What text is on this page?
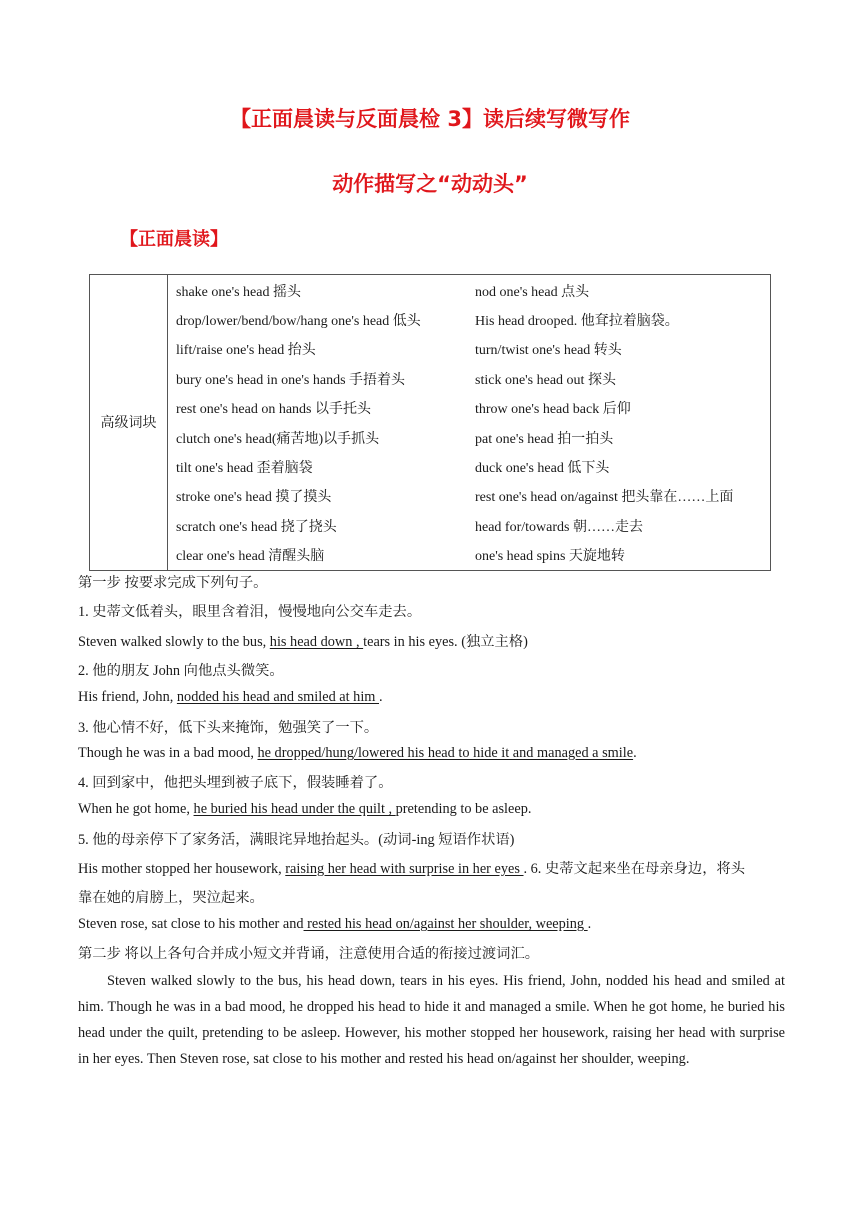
【正面晨读与反面晨检 3】读后续写微写作
动作描写之“动动头”
【正面晨读】
高级词块	
shake one's head 摇头	nod one's head 点头
drop/lower/bend/bow/hang one's head 低头	His head drooped. 他耷拉着脑袋。
lift/raise one's head 抬头	turn/twist one's head 转头
bury one's head in one's hands 手捂着头	stick one's head out 探头
rest one's head on hands 以手托头	throw one's head back 后仰
clutch one's head(痛苦地)以手抓头	pat one's head 拍一拍头
tilt one's head 歪着脑袋	duck one's head 低下头
stroke one's head 摸了摸头	rest one's head on/against 把头靠在……上面
scratch one's head 挠了挠头	head for/towards 朝……走去
clear one's head 清醒头脑	one's head spins 天旋地转
第一步 按要求完成下列句子。
1. 史蒂文低着头，眼里含着泪，慢慢地向公交车走去。
Steven walked slowly to the bus, his head down , tears in his eyes. (独立主格)
2. 他的朋友 John 向他点头微笑。
His friend, John, nodded his head and smiled at him .
3. 他心情不好，低下头来掩饰，勉强笑了一下。
Though he was in a bad mood, he dropped/hung/lowered his head to hide it and managed a smile.
4. 回到家中，他把头埋到被子底下，假装睡着了。
When he got home, he buried his head under the quilt , pretending to be asleep.
5. 他的母亲停下了家务活，满眼诧异地抬起头。(动词-ing 短语作状语)
His mother stopped her housework, raising her head with surprise in her eyes . 6. 史蒂文起来坐在母亲身边，将头
靠在她的肩膀上，哭泣起来。
Steven rose, sat close to his mother and rested his head on/against her shoulder, weeping .
第二步 将以上各句合并成小短文并背诵，注意使用合适的衔接过渡词汇。

Steven walked slowly to the bus, his head down, tears in his eyes. His friend, John, nodded his head and smiled at him. Though he was in a bad mood, he dropped his head to hide it and managed a smile. When he got home, he buried his head under the quilt, pretending to be asleep. However, his mother stopped her housework, raising her head with surprise in her eyes. Then Steven rose, sat close to his mother and rested his head on/against her shoulder, weeping.
